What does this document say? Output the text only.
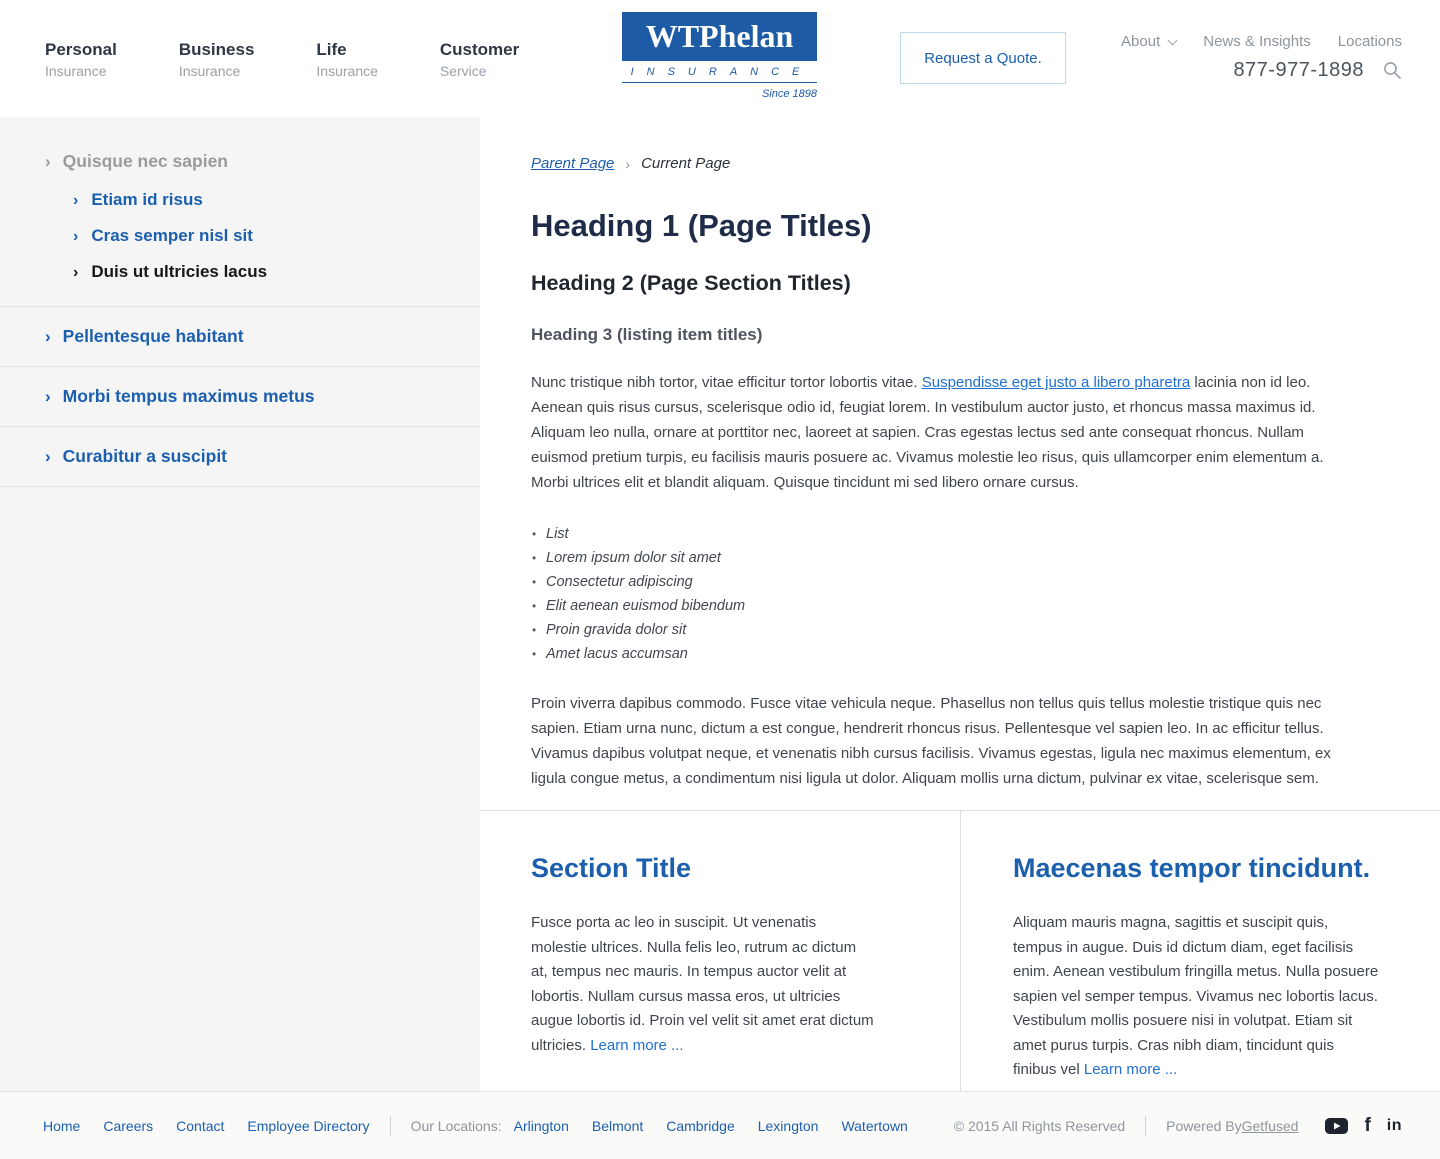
Personal
Insurance
Business
Insurance
Life
Insurance
Customer
Service
WTPhelan
INSURANCE
Since 1898
Request a Quote.
About	News & Insights Locations
877-977-1898
› Quisque nec sapien
› Etiam id risus
› Cras semper nisl sit
› Duis ut ultricies lacus
› Pellentesque habitant
› Morbi tempus maximus metus
› Curabitur a suscipit
Parent Page › Current Page
Heading 1 (Page Titles)
Heading 2 (Page Section Titles)
Heading 3 (listing item titles)

Nunc tristique nibh tortor, vitae efficitur tortor lobortis vitae. Suspendisse eget justo a libero pharetra lacinia non id leo. Aenean quis risus cursus, scelerisque odio id, feugiat lorem. In vestibulum auctor justo, et rhoncus massa maximus id. Aliquam leo nulla, ornare at porttitor nec, laoreet at sapien. Cras egestas lectus sed ante consequat rhoncus. Nullam euismod pretium turpis, eu facilisis mauris posuere ac. Vivamus molestie leo risus, quis ullamcorper enim elementum a. Morbi ultrices elit et blandit aliquam. Quisque tincidunt mi sed libero ornare cursus.

• List
• Lorem ipsum dolor sit amet
• Consectetur adipiscing
• Elit aenean euismod bibendum
• Proin gravida dolor sit
• Amet lacus accumsan

Proin viverra dapibus commodo. Fusce vitae vehicula neque. Phasellus non tellus quis tellus molestie tristique quis nec sapien. Etiam urna nunc, dictum a est congue, hendrerit rhoncus risus. Pellentesque vel sapien leo. In ac efficitur tellus. Vivamus dapibus volutpat neque, et venenatis nibh cursus facilisis. Vivamus egestas, ligula nec maximus elementum, ex ligula congue metus, a condimentum nisi ligula ut dolor. Aliquam mollis urna dictum, pulvinar ex vitae, scelerisque sem.

Section Title

Fusce porta ac leo in suscipit. Ut venenatis molestie ultrices. Nulla felis leo, rutrum ac dictum at, tempus nec mauris. In tempus auctor velit at lobortis. Nullam cursus massa eros, ut ultricies augue lobortis id. Proin vel velit sit amet erat dictum ultricies. Learn more ...

Maecenas tempor tincidunt.

Aliquam mauris magna, sagittis et suscipit quis, tempus in augue. Duis id dictum diam, eget facilisis enim. Aenean vestibulum fringilla metus. Nulla posuere sapien vel semper tempus. Vivamus nec lobortis lacus. Vestibulum mollis posuere nisi in volutpat. Etiam sit amet purus turpis. Cras nibh diam, tincidunt quis finibus vel Learn more ...

Home Careers Contact Employee Directory	Our Locations: Arlington Belmont Cambridge Lexington Watertown	© 2015 All Rights Reserved	Powered By Getfused	f in
